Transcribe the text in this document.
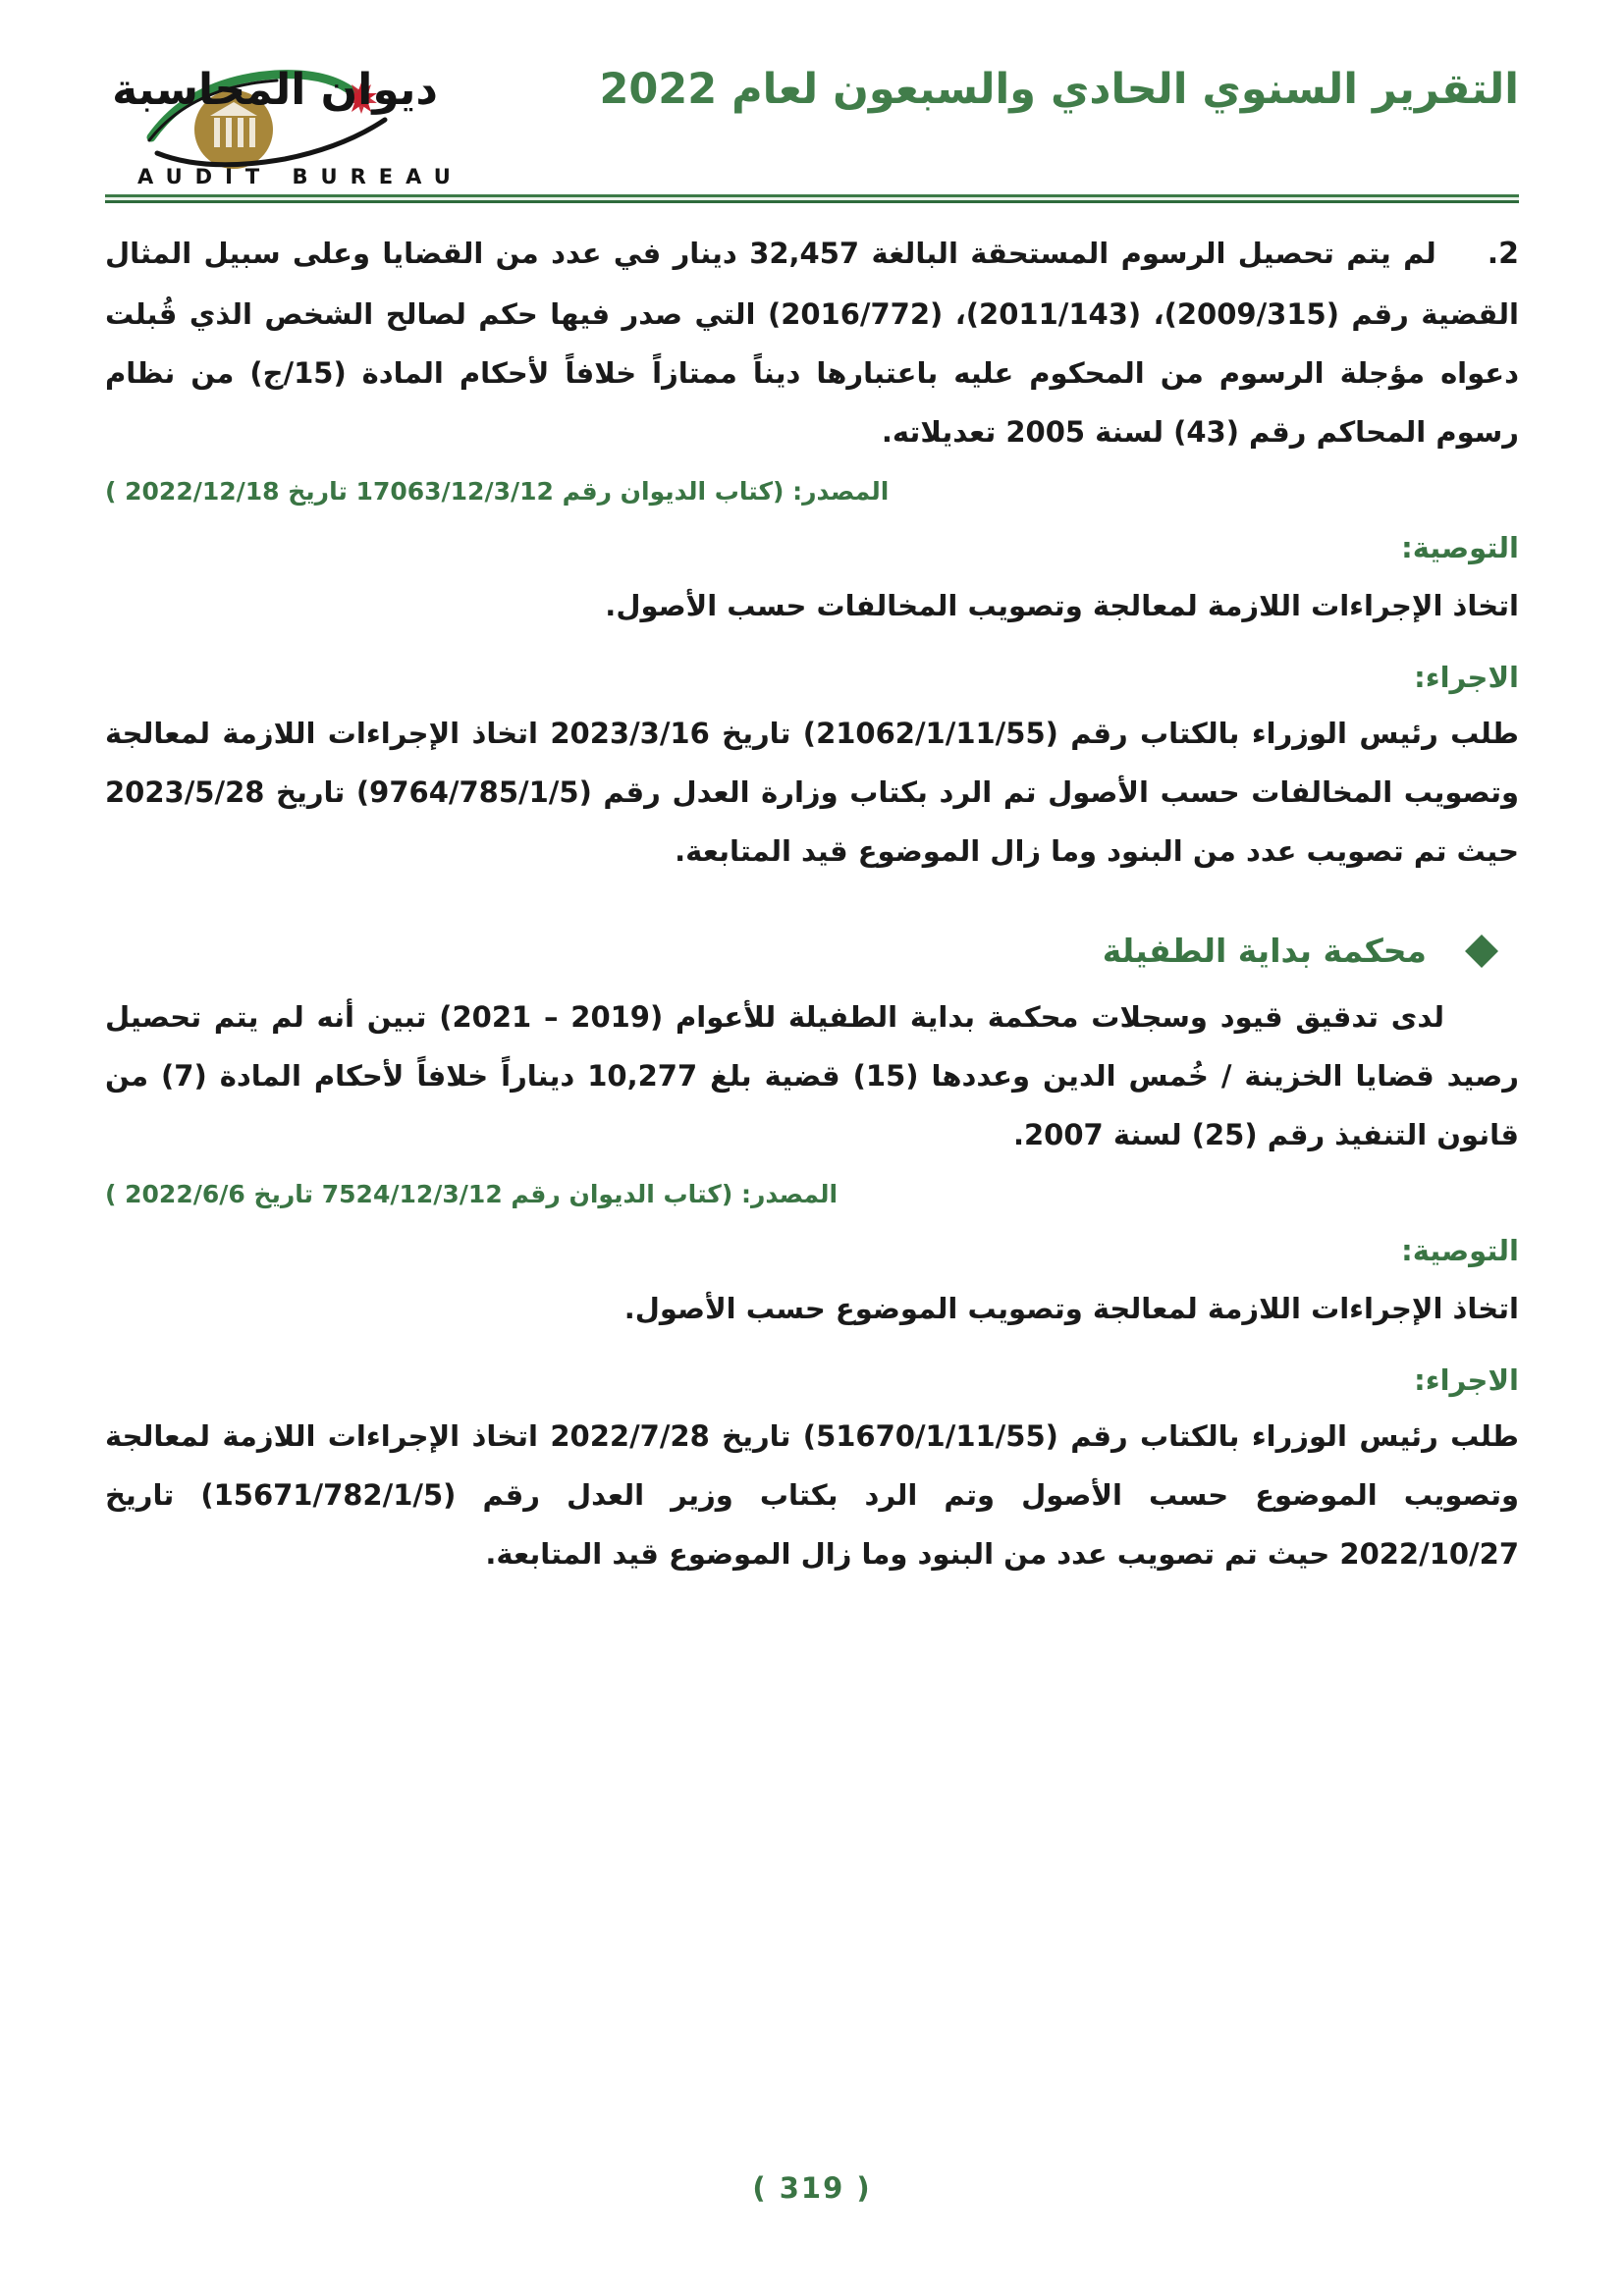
ديوان المحاسبة
AUDIT BUREAU
التقرير السنوي الحادي والسبعون لعام 2022

2.لم يتم تحصيل الرسوم المستحقة البالغة 32,457 دينار في عدد من القضايا وعلى سبيل المثال القضية رقم (2009/315)، (2011/143)، (2016/772) التي صدر فيها حكم لصالح الشخص الذي قُبلت دعواه مؤجلة الرسوم من المحكوم عليه باعتبارها ديناً ممتازاً خلافاً لأحكام المادة (15/ج) من نظام رسوم المحاكم رقم (43) لسنة 2005 تعديلاته.

المصدر: (كتاب الديوان رقم 17063/12/3/12 تاريخ 2022/12/18 )

التوصية:

اتخاذ الإجراءات اللازمة لمعالجة وتصويب المخالفات حسب الأصول.

الاجراء:

طلب رئيس الوزراء بالكتاب رقم (21062/1/11/55) تاريخ 2023/3/16 اتخاذ الإجراءات اللازمة لمعالجة وتصويب المخالفات حسب الأصول تم الرد بكتاب وزارة العدل رقم (9764/785/1/5) تاريخ 2023/5/28 حيث تم تصويب عدد من البنود وما زال الموضوع قيد المتابعة.

محكمة بداية الطفيلة

لدى تدقيق قيود وسجلات محكمة بداية الطفيلة للأعوام (2019 – 2021) تبين أنه لم يتم تحصيل رصيد قضايا الخزينة / خُمس الدين وعددها (15) قضية بلغ 10,277 ديناراً خلافاً لأحكام المادة (7) من قانون التنفيذ رقم (25) لسنة 2007.

المصدر: (كتاب الديوان رقم 7524/12/3/12 تاريخ 2022/6/6 )

التوصية:

اتخاذ الإجراءات اللازمة لمعالجة وتصويب الموضوع حسب الأصول.

الاجراء:

طلب رئيس الوزراء بالكتاب رقم (51670/1/11/55) تاريخ 2022/7/28 اتخاذ الإجراءات اللازمة لمعالجة وتصويب الموضوع حسب الأصول وتم الرد بكتاب وزير العدل رقم (15671/782/1/5) تاريخ 2022/10/27 حيث تم تصويب عدد من البنود وما زال الموضوع قيد المتابعة.

( 319 )
